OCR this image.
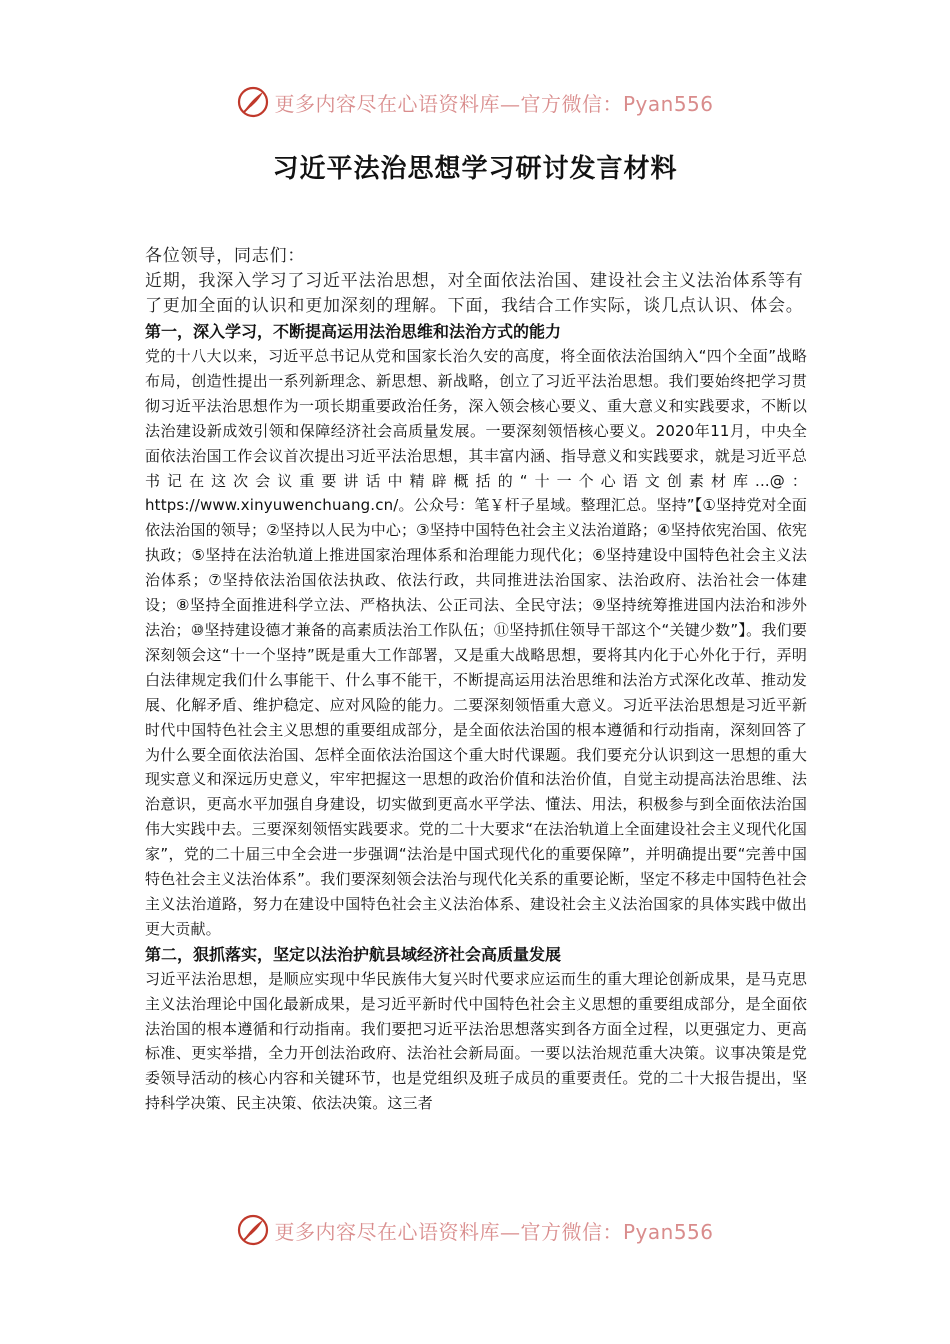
更多内容尽在心语资料库—官方微信：Pyan556
习近平法治思想学习研讨发言材料

各位领导，同志们：

近期，我深入学习了习近平法治思想，对全面依法治国、建设社会主义法治体系等有了更加全面的认识和更加深刻的理解。下面，我结合工作实际，谈几点认识、体会。

第一，深入学习，不断提高运用法治思维和法治方式的能力

党的十八大以来，习近平总书记从党和国家长治久安的高度，将全面依法治国纳入“四个全面”战略布局，创造性提出一系列新理念、新思想、新战略，创立了习近平法治思想。我们要始终把学习贯彻习近平法治思想作为一项长期重要政治任务，深入领会核心要义、重大意义和实践要求，不断以法治建设新成效引领和保障经济社会高质量发展。一要深刻领悟核心要义。2020年11月，中央全面依法治国工作会议首次提出习近平法治思想，其丰富内涵、指导意义和实践要求，就是习近平总书记在这次会议重要讲话中精辟概括的“十一个心语文创素材库...@：https://www.xinyuwenchuang.cn/。公众号：笔￥杆子星域。整理汇总。坚持”【①坚持党对全面依法治国的领导；②坚持以人民为中心；③坚持中国特色社会主义法治道路；④坚持依宪治国、依宪执政；⑤坚持在法治轨道上推进国家治理体系和治理能力现代化；⑥坚持建设中国特色社会主义法治体系；⑦坚持依法治国依法执政、依法行政，共同推进法治国家、法治政府、法治社会一体建设；⑧坚持全面推进科学立法、严格执法、公正司法、全民守法；⑨坚持统筹推进国内法治和涉外法治；⑩坚持建设德才兼备的高素质法治工作队伍；⑪坚持抓住领导干部这个“关键少数”】。我们要深刻领会这“十一个坚持”既是重大工作部署，又是重大战略思想，要将其内化于心外化于行，弄明白法律规定我们什么事能干、什么事不能干，不断提高运用法治思维和法治方式深化改革、推动发展、化解矛盾、维护稳定、应对风险的能力。二要深刻领悟重大意义。习近平法治思想是习近平新时代中国特色社会主义思想的重要组成部分，是全面依法治国的根本遵循和行动指南，深刻回答了为什么要全面依法治国、怎样全面依法治国这个重大时代课题。我们要充分认识到这一思想的重大现实意义和深远历史意义，牢牢把握这一思想的政治价值和法治价值，自觉主动提高法治思维、法治意识，更高水平加强自身建设，切实做到更高水平学法、懂法、用法，积极参与到全面依法治国伟大实践中去。三要深刻领悟实践要求。党的二十大要求“在法治轨道上全面建设社会主义现代化国家”，党的二十届三中全会进一步强调“法治是中国式现代化的重要保障”，并明确提出要“完善中国特色社会主义法治体系”。我们要深刻领会法治与现代化关系的重要论断，坚定不移走中国特色社会主义法治道路，努力在建设中国特色社会主义法治体系、建设社会主义法治国家的具体实践中做出更大贡献。

第二，狠抓落实，坚定以法治护航县域经济社会高质量发展

习近平法治思想，是顺应实现中华民族伟大复兴时代要求应运而生的重大理论创新成果，是马克思主义法治理论中国化最新成果，是习近平新时代中国特色社会主义思想的重要组成部分，是全面依法治国的根本遵循和行动指南。我们要把习近平法治思想落实到各方面全过程，以更强定力、更高标准、更实举措，全力开创法治政府、法治社会新局面。一要以法治规范重大决策。议事决策是党委领导活动的核心内容和关键环节，也是党组织及班子成员的重要责任。党的二十大报告提出，坚持科学决策、民主决策、依法决策。这三者

更多内容尽在心语资料库—官方微信：Pyan556
